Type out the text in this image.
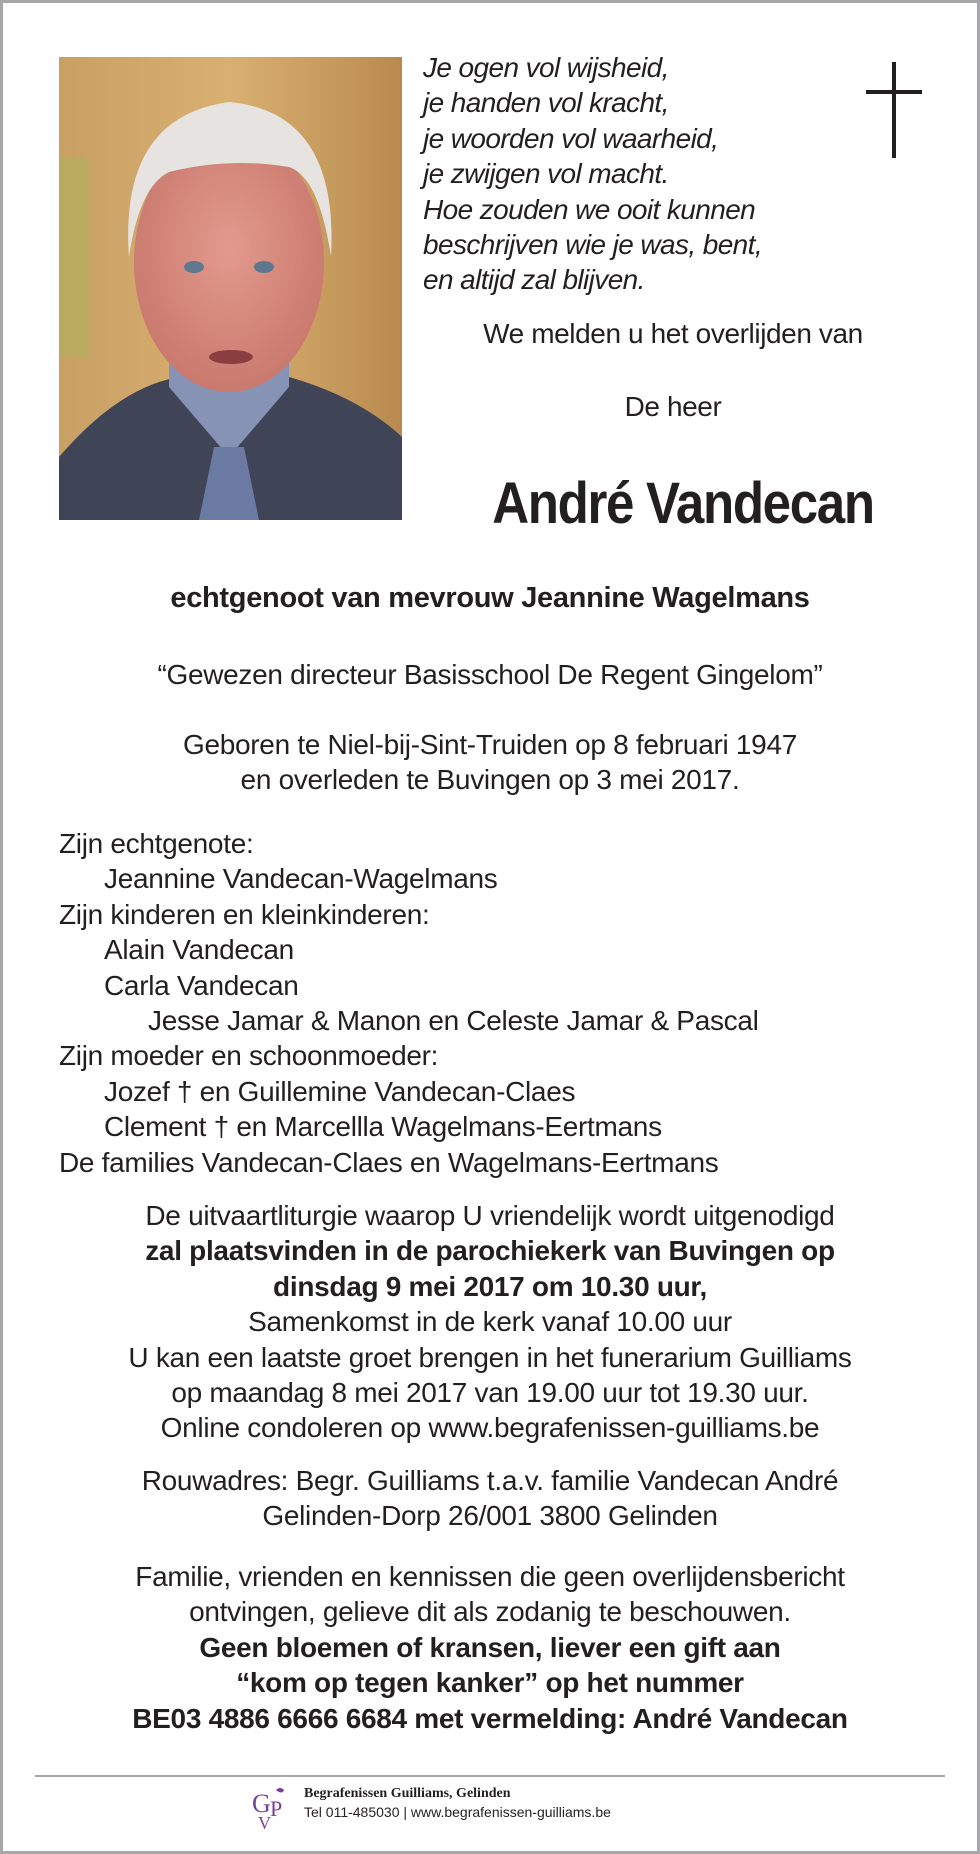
Je ogen vol wijsheid,
je handen vol kracht,
je woorden vol waarheid,
je zwijgen vol macht.
Hoe zouden we ooit kunnen
beschrijven wie je was, bent,
en altijd zal blijven.
We melden u het overlijden van
De heer
André Vandecan
echtgenoot van mevrouw Jeannine Wagelmans
“Gewezen directeur Basisschool De Regent Gingelom”
Geboren te Niel-bij-Sint-Truiden op 8 februari 1947
en overleden te Buvingen op 3 mei 2017.
Zijn echtgenote:
Jeannine Vandecan-Wagelmans
Zijn kinderen en kleinkinderen:
Alain Vandecan
Carla Vandecan
Jesse Jamar & Manon en Celeste Jamar & Pascal
Zijn moeder en schoonmoeder:
Jozef † en Guillemine Vandecan-Claes
Clement † en Marcellla Wagelmans-Eertmans
De families Vandecan-Claes en Wagelmans-Eertmans
De uitvaartliturgie waarop U vriendelijk wordt uitgenodigd
zal plaatsvinden in de parochiekerk van Buvingen op
dinsdag 9 mei 2017 om 10.30 uur,
Samenkomst in de kerk vanaf 10.00 uur
U kan een laatste groet brengen in het funerarium Guilliams
op maandag 8 mei 2017 van 19.00 uur tot 19.30 uur.
Online condoleren op www.begrafenissen-guilliams.be
Rouwadres: Begr. Guilliams t.a.v. familie Vandecan André
Gelinden-Dorp 26/001 3800 Gelinden
Familie, vrienden en kennissen die geen overlijdensbericht
ontvingen, gelieve dit als zodanig te beschouwen.
Geen bloemen of kransen, liever een gift aan
“kom op tegen kanker” op het nummer
BE03 4886 6666 6684 met vermelding: André Vandecan
G P
V
Begrafenissen Guilliams, Gelinden
Tel 011-485030 | www.begrafenissen-guilliams.be
